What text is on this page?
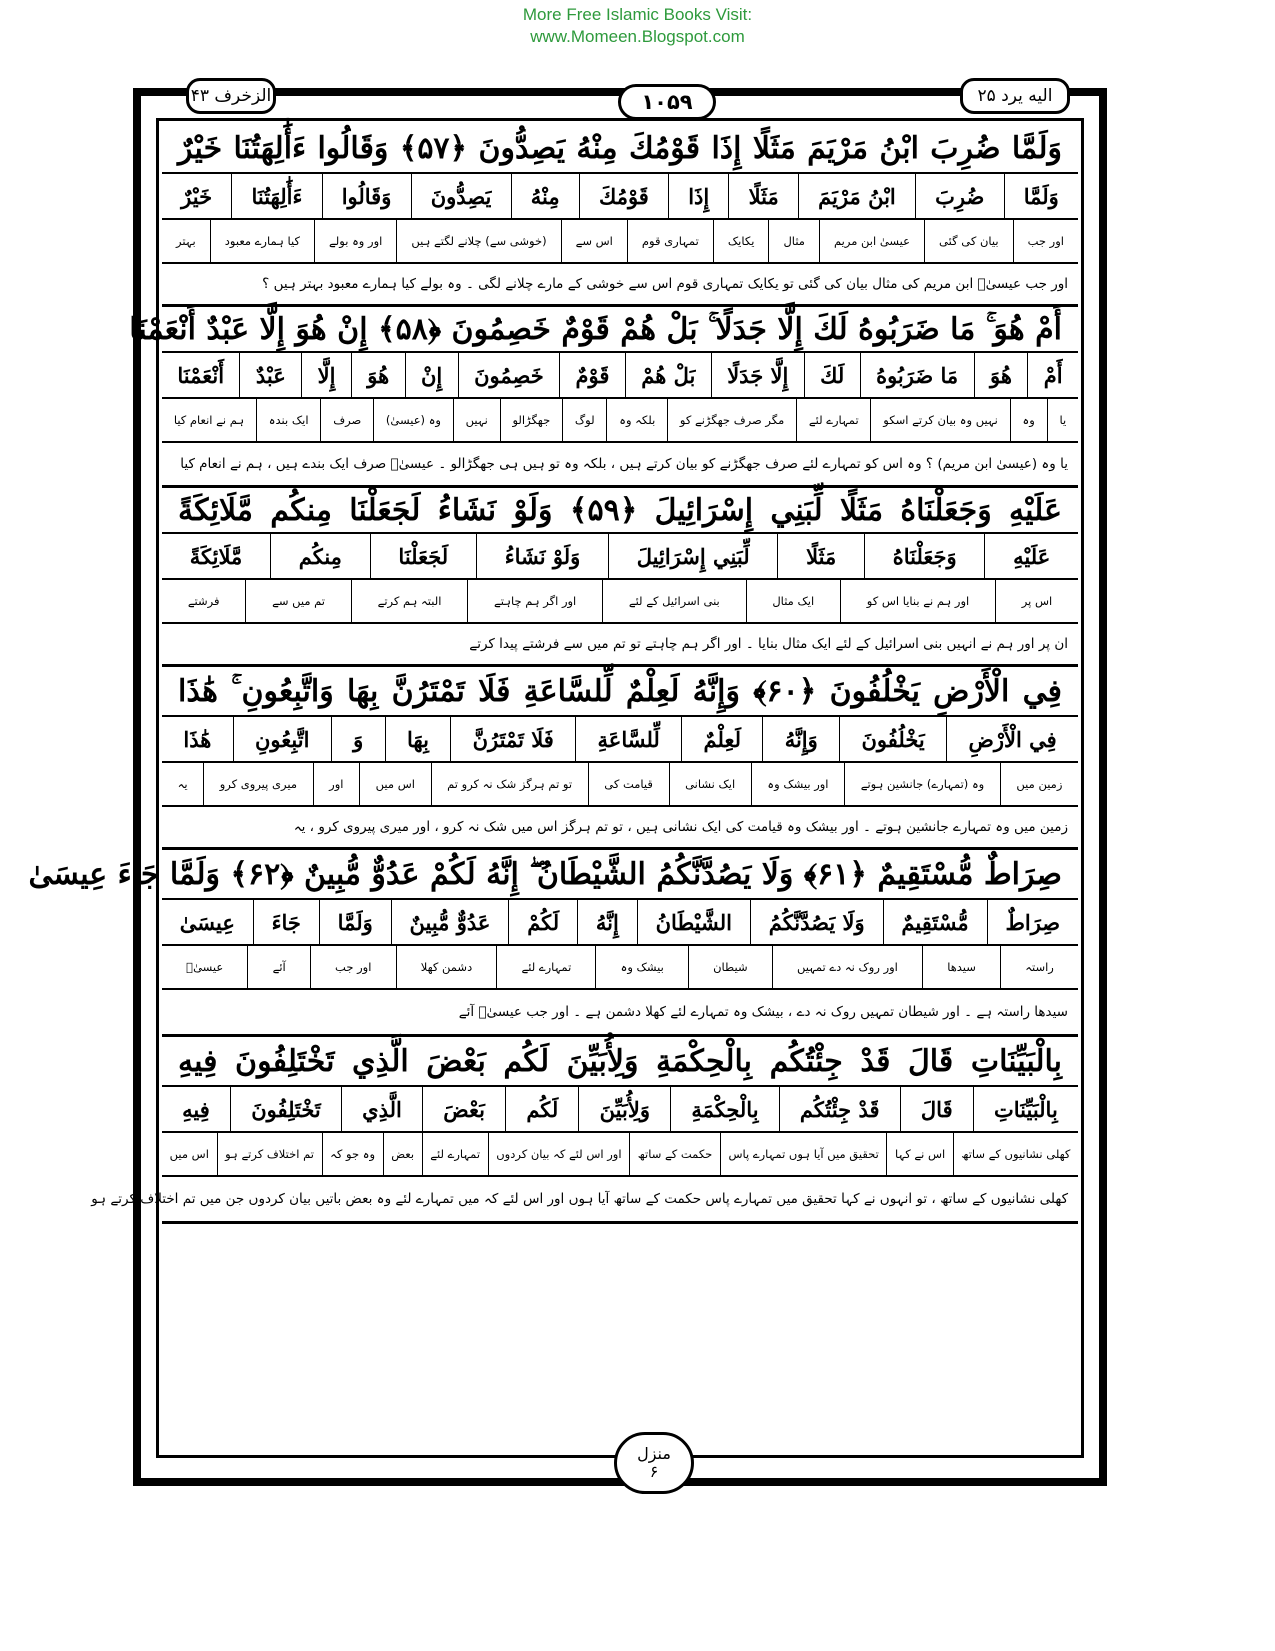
More Free Islamic Books Visit:
www.Momeen.Blogspot.com
الزخرف ۴۳	۱۰۵۹	الیه یرد ۲۵
وَلَمَّا ضُرِبَ ابْنُ مَرْيَمَ مَثَلًا إِذَا قَوْمُكَ مِنْهُ يَصِدُّونَ ﴿۵۷﴾ وَقَالُوا ءَأَٰلِهَتُنَا خَيْرٌ
وَلَمَّا
ضُرِبَ
ابْنُ مَرْيَمَ
مَثَلًا
إِذَا
قَوْمُكَ
مِنْهُ
يَصِدُّونَ
وَقَالُوا
ءَأَٰلِهَتُنَا
خَيْرٌ
اور جب
بیان کی گئی
عیسیٰ ابن مریم
مثال
یکایک
تمہاری قوم
اس سے
(خوشی سے) چلانے لگتے ہیں
اور وہ بولے
کیا ہمارے معبود
بہتر
اور جب عیسیٰؑ ابن مریم کی مثال بیان کی گئی تو یکایک تمہاری قوم اس سے خوشی کے مارے چلانے لگی ۔ وہ بولے کیا ہمارے معبود بہتر ہیں ؟
أَمْ هُوَ ۚ مَا ضَرَبُوهُ لَكَ إِلَّا جَدَلًا ۚ بَلْ هُمْ قَوْمٌ خَصِمُونَ ﴿۵۸﴾ إِنْ هُوَ إِلَّا عَبْدٌ أَنْعَمْنَا
أَمْ
هُوَ
مَا ضَرَبُوهُ
لَكَ
إِلَّا جَدَلًا
بَلْ هُمْ
قَوْمٌ
خَصِمُونَ
إِنْ
هُوَ
إِلَّا
عَبْدٌ
أَنْعَمْنَا
یا
وہ
نہیں وہ بیان کرتے اسکو
تمہارے لئے
مگر صرف جھگڑنے کو
بلکہ وہ
لوگ
جھگڑالو
نہیں
وہ (عیسیٰ)
صرف
ایک بندہ
ہم نے انعام کیا
یا وہ (عیسیٰ ابن مریم) ؟ وہ اس کو تمہارے لئے صرف جھگڑنے کو بیان کرتے ہیں ، بلکہ وہ تو ہیں ہی جھگڑالو ۔ عیسیٰؑ صرف ایک بندے ہیں ، ہم نے انعام کیا
عَلَيْهِ وَجَعَلْنَاهُ مَثَلًا لِّبَنِي إِسْرَائِيلَ ﴿۵۹﴾ وَلَوْ نَشَاءُ لَجَعَلْنَا مِنكُم مَّلَائِكَةً
عَلَيْهِ
وَجَعَلْنَاهُ
مَثَلًا
لِّبَنِي إِسْرَائِيلَ
وَلَوْ نَشَاءُ
لَجَعَلْنَا
مِنكُم
مَّلَائِكَةً
اس پر
اور ہم نے بنایا اس کو
ایک مثال
بنی اسرائیل کے لئے
اور اگر ہم چاہتے
البتہ ہم کرتے
تم میں سے
فرشتے
ان پر اور ہم نے انہیں بنی اسرائیل کے لئے ایک مثال بنایا ۔ اور اگر ہم چاہتے تو تم میں سے فرشتے پیدا کرتے
فِي الْأَرْضِ يَخْلُفُونَ ﴿۶۰﴾ وَإِنَّهُ لَعِلْمٌ لِّلسَّاعَةِ فَلَا تَمْتَرُنَّ بِهَا وَاتَّبِعُونِ ۚ هَٰذَا
فِي الْأَرْضِ
يَخْلُفُونَ
وَإِنَّهُ
لَعِلْمٌ
لِّلسَّاعَةِ
فَلَا تَمْتَرُنَّ
بِهَا
وَ
اتَّبِعُونِ
هَٰذَا
زمین میں
وہ (تمہارے) جانشین ہوتے
اور بیشک وہ
ایک نشانی
قیامت کی
تو تم ہرگز شک نہ کرو تم
اس میں
اور
میری پیروی کرو
یہ
زمین میں وہ تمہارے جانشین ہوتے ۔ اور بیشک وہ قیامت کی ایک نشانی ہیں ، تو تم ہرگز اس میں شک نہ کرو ، اور میری پیروی کرو ، یہ
صِرَاطٌ مُّسْتَقِيمٌ ﴿۶۱﴾ وَلَا يَصُدَّنَّكُمُ الشَّيْطَانُ ۖ إِنَّهُ لَكُمْ عَدُوٌّ مُّبِينٌ ﴿۶۲﴾ وَلَمَّا جَاءَ عِيسَىٰ
صِرَاطٌ
مُّسْتَقِيمٌ
وَلَا يَصُدَّنَّكُمُ
الشَّيْطَانُ
إِنَّهُ
لَكُمْ
عَدُوٌّ مُّبِينٌ
وَلَمَّا
جَاءَ
عِيسَىٰ
راستہ
سیدھا
اور روک نہ دے تمہیں
شیطان
بیشک وہ
تمہارے لئے
دشمن کھلا
اور جب
آئے
عیسیٰؑ
سیدھا راستہ ہے ۔ اور شیطان تمہیں روک نہ دے ، بیشک وہ تمہارے لئے کھلا دشمن ہے ۔ اور جب عیسیٰؑ آئے
بِالْبَيِّنَاتِ قَالَ قَدْ جِئْتُكُم بِالْحِكْمَةِ وَلِأُبَيِّنَ لَكُم بَعْضَ الَّذِي تَخْتَلِفُونَ فِيهِ
بِالْبَيِّنَاتِ
قَالَ
قَدْ جِئْتُكُم
بِالْحِكْمَةِ
وَلِأُبَيِّنَ
لَكُم
بَعْضَ
الَّذِي
تَخْتَلِفُونَ
فِيهِ
کھلی نشانیوں کے ساتھ
اس نے کہا
تحقیق میں آیا ہوں تمہارے پاس
حکمت کے ساتھ
اور اس لئے کہ بیان کردوں
تمہارے لئے
بعض
وہ جو کہ
تم اختلاف کرتے ہو
اس میں
کھلی نشانیوں کے ساتھ ، تو انہوں نے کہا تحقیق میں تمہارے پاس حکمت کے ساتھ آیا ہوں اور اس لئے کہ میں تمہارے لئے وہ بعض باتیں بیان کردوں جن میں تم اختلاف کرتے ہو
منزل
۶
